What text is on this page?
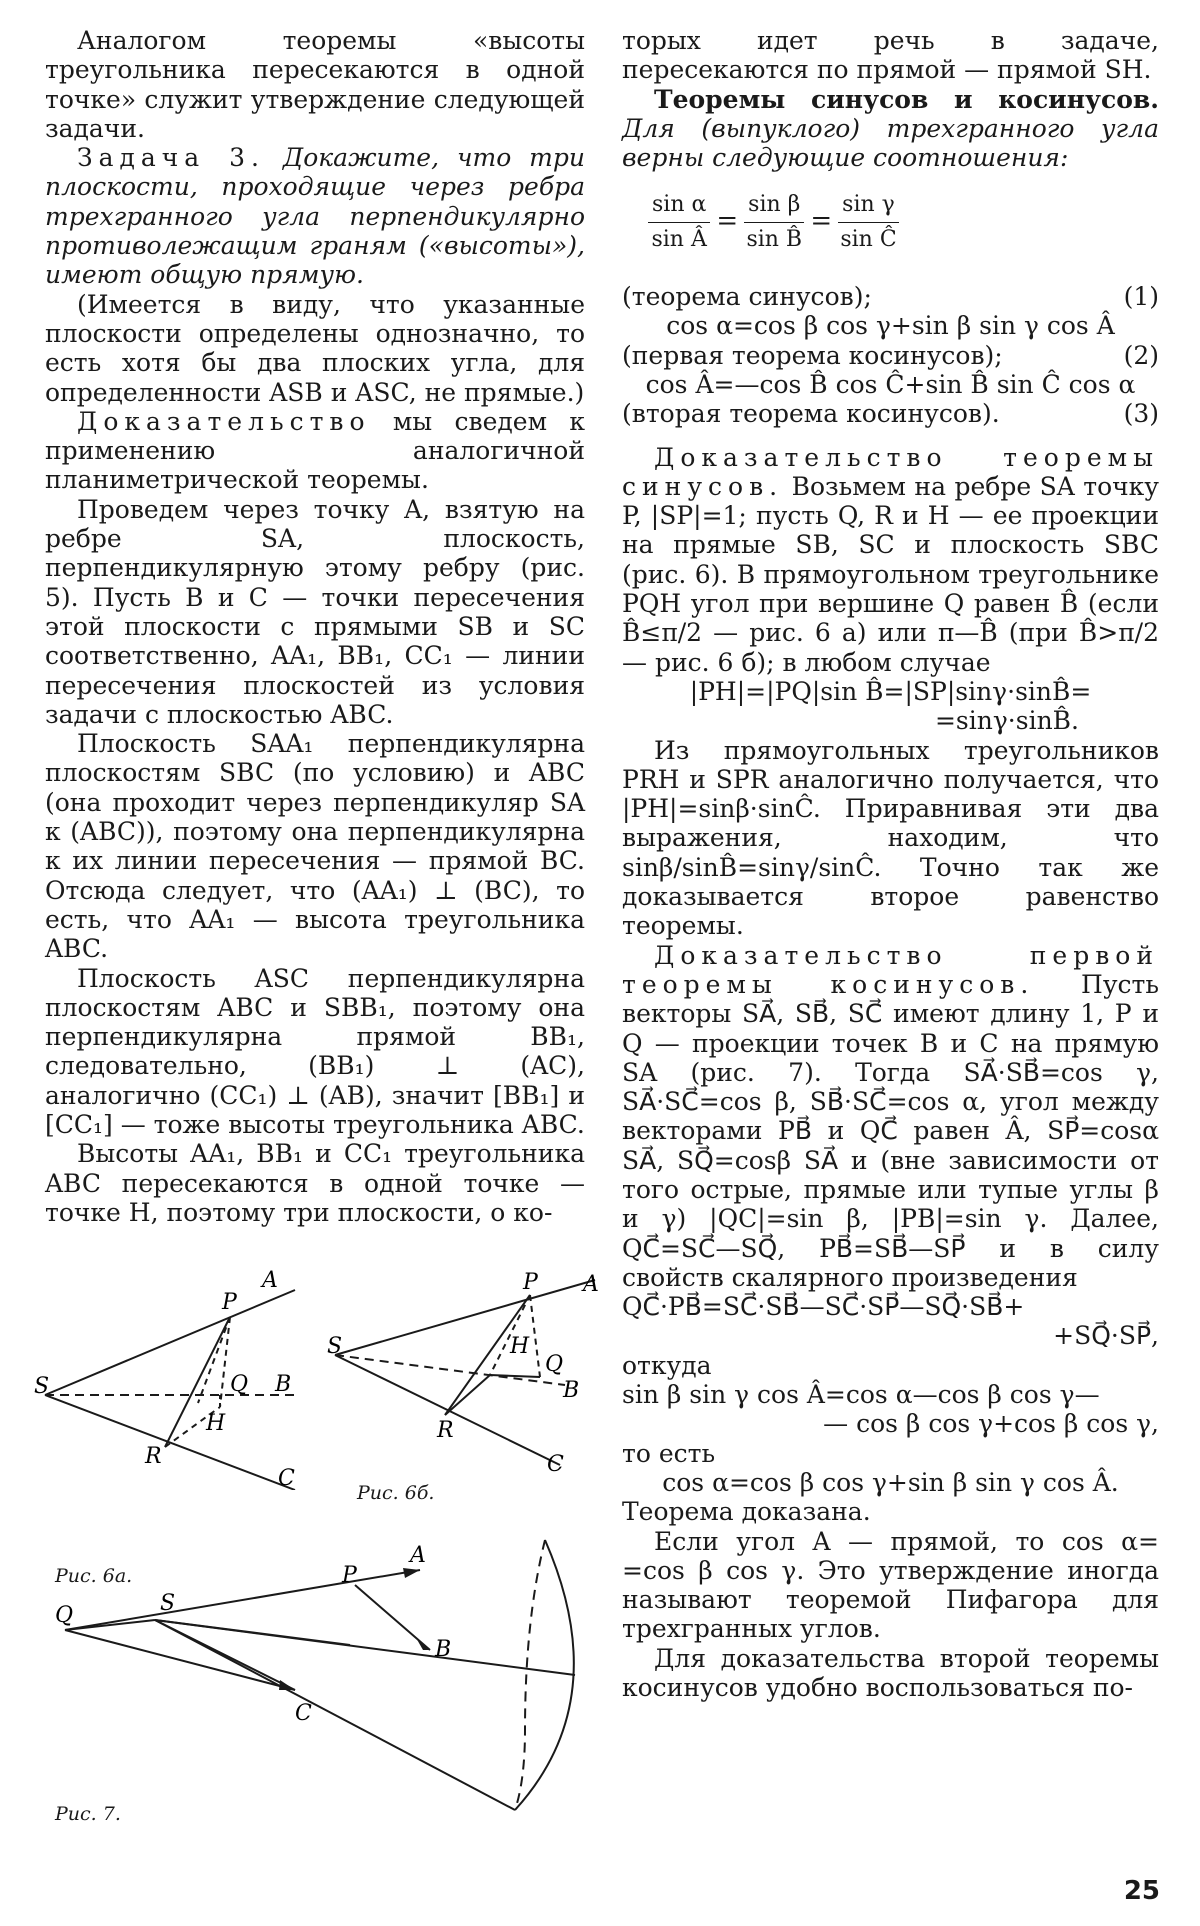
Аналогом теоремы «высоты треугольника пересекаются в одной точке» служит утверждение следующей задачи.

Задача 3. Докажите, что три плоскости, проходящие через ребра трехгранного угла перпендикулярно противолежащим граням («высоты»), имеют общую прямую.

(Имеется в виду, что указанные плоскости определены однозначно, то есть хотя бы два плоских угла, для определенности ASB и ASC, не прямые.)

Доказательство мы сведем к применению аналогичной планиметрической теоремы.

Проведем через точку A, взятую на ребре SA, плоскость, перпендикулярную этому ребру (рис. 5). Пусть B и C — точки пересечения этой плоскости с прямыми SB и SC соответственно, AA₁, BB₁, CC₁ — линии пересечения плоскостей из условия задачи с плоскостью ABC.

Плоскость SAA₁ перпендикулярна плоскостям SBC (по условию) и ABC (она проходит через перпендикуляр SA к (ABC)), поэтому она перпендикулярна к их линии пересечения — прямой BC. Отсюда следует, что (AA₁) ⊥ (BC), то есть, что AA₁ — высота треугольника ABC.

Плоскость ASC перпендикулярна плоскостям ABC и SBB₁, поэтому она перпендикулярна прямой BB₁, следовательно, (BB₁) ⊥ (AC), аналогично (CC₁) ⊥ (AB), значит [BB₁] и [CC₁] — тоже высоты треугольника ABC.

Высоты AA₁, BB₁ и CC₁ треугольника ABC пересекаются в одной точке — точке H, поэтому три плоскости, о ко-

торых идет речь в задаче, пересекаются по прямой — прямой SH.

Теоремы синусов и косинусов. Для (выпуклого) трехгранного угла верны следующие соотношения:

$\frac{\text{sin α}}{\text{sin Â}} = \frac{\text{sin β}}{\text{sin B̂}} = \frac{\text{sin γ}}{\text{sin Ĉ}}$
(теорема синусов);	(1)

cos α=cos β cos γ+sin β sin γ cos Â

(первая теорема косинусов);	(2)

cos Â=—cos B̂ cos Ĉ+sin B̂ sin Ĉ cos α

(вторая теорема косинусов).	(3)

Доказательство теоремы синусов. Возьмем на ребре SA точку P, |SP|=1; пусть Q, R и H — ее проекции на прямые SB, SC и плоскость SBC (рис. 6). В прямоугольном треугольнике PQH угол при вершине Q равен B̂ (если B̂≤π/2 — рис. 6 а) или π—B̂ (при B̂>π/2 — рис. 6 б); в любом случае

|PH|=|PQ|sin B̂=|SP|sinγ·sinB̂=

=sinγ·sinB̂.

Из прямоугольных треугольников PRH и SPR аналогично получается, что |PH|=sinβ·sinĈ. Приравнивая эти два выражения, находим, что sinβ/sinB̂=sinγ/sinĈ. Точно так же доказывается второе равенство теоремы.

Доказательство первой теоремы косинусов. Пусть векторы SA⃗, SB⃗, SC⃗ имеют длину 1, P и Q — проекции точек B и C на прямую SA (рис. 7). Тогда SA⃗·SB⃗=cos γ, SA⃗·SC⃗=cos β, SB⃗·SC⃗=cos α, угол между векторами PB⃗ и QC⃗ равен Â, SP⃗=cosα SA⃗, SQ⃗=cosβ SA⃗ и (вне зависимости от того острые, прямые или тупые углы β и γ) |QC|=sin β, |PB|=sin γ. Далее, QC⃗=SC⃗—SQ⃗, PB⃗=SB⃗—SP⃗ и в силу свойств скалярного произведения

QC⃗·PB⃗=SC⃗·SB⃗—SC⃗·SP⃗—SQ⃗·SB⃗+

+SQ⃗·SP⃗,

откуда

sin β sin γ cos Â=cos α—cos β cos γ—

— cos β cos γ+cos β cos γ,

то есть

cos α=cos β cos γ+sin β sin γ cos Â.

Теорема доказана.

Если угол A — прямой, то cos α= =cos β cos γ. Это утверждение иногда называют теоремой Пифагора для трехгранных углов.

Для доказательства второй теоремы косинусов удобно воспользоваться по-

A
P
S	Q B
H
R
C
Рис. 6б.
P A
S	H
Q
B
R
C
Рис. 6а.	P
A
S
Q
B
C
Рис. 7.
25
